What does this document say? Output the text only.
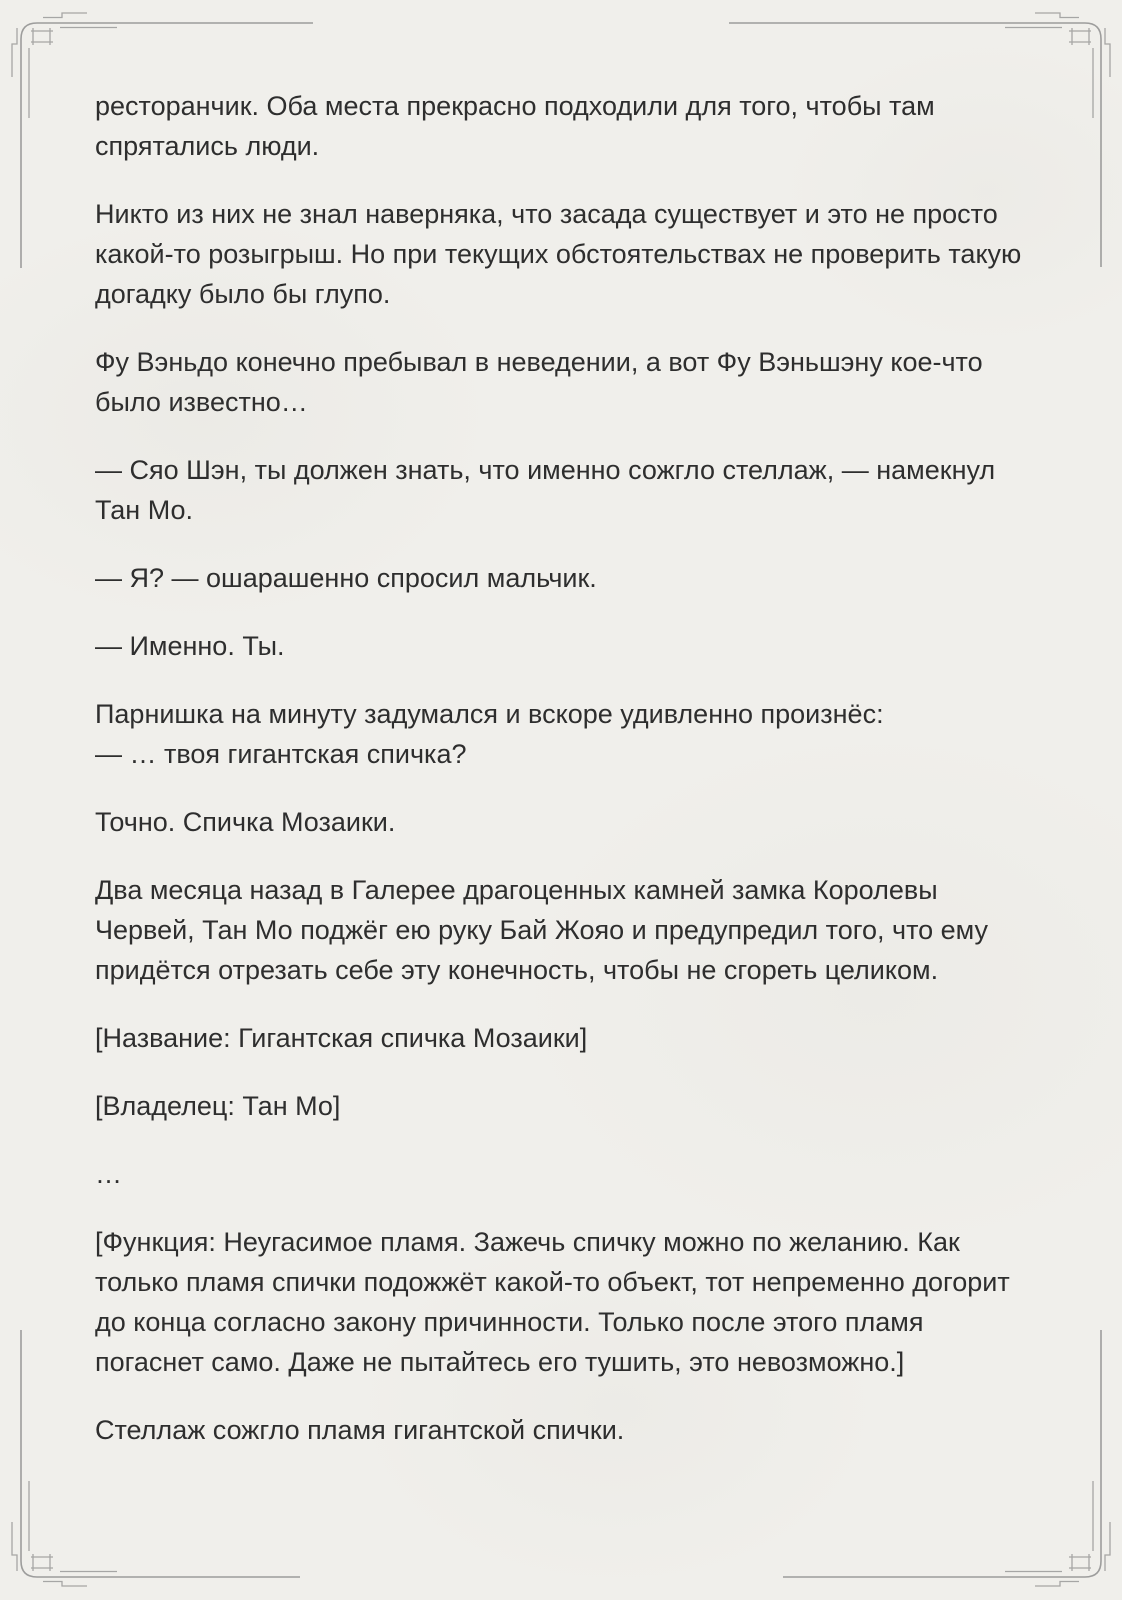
ресторанчик. Оба места прекрасно подходили для того, чтобы там
спрятались люди.
Никто из них не знал наверняка, что засада существует и это не просто
какой-то розыгрыш. Но при текущих обстоятельствах не проверить такую
догадку было бы глупо.
Фу Вэньдо конечно пребывал в неведении, а вот Фу Вэньшэну кое-что
было известно…
— Сяо Шэн, ты должен знать, что именно сожгло стеллаж, — намекнул
Тан Мо.
— Я? — ошарашенно спросил мальчик.
— Именно. Ты.
Парнишка на минуту задумался и вскоре удивленно произнёс:
— … твоя гигантская спичка?
Точно. Спичка Мозаики.
Два месяца назад в Галерее драгоценных камней замка Королевы
Червей, Тан Мо поджёг ею руку Бай Жояо и предупредил того, что ему
придётся отрезать себе эту конечность, чтобы не сгореть целиком.
[Название: Гигантская спичка Мозаики]
[Владелец: Тан Мо]
…
[Функция: Неугасимое пламя. Зажечь спичку можно по желанию. Как
только пламя спички подожжёт какой-то объект, тот непременно догорит
до конца согласно закону причинности. Только после этого пламя
погаснет само. Даже не пытайтесь его тушить, это невозможно.]
Стеллаж сожгло пламя гигантской спички.
